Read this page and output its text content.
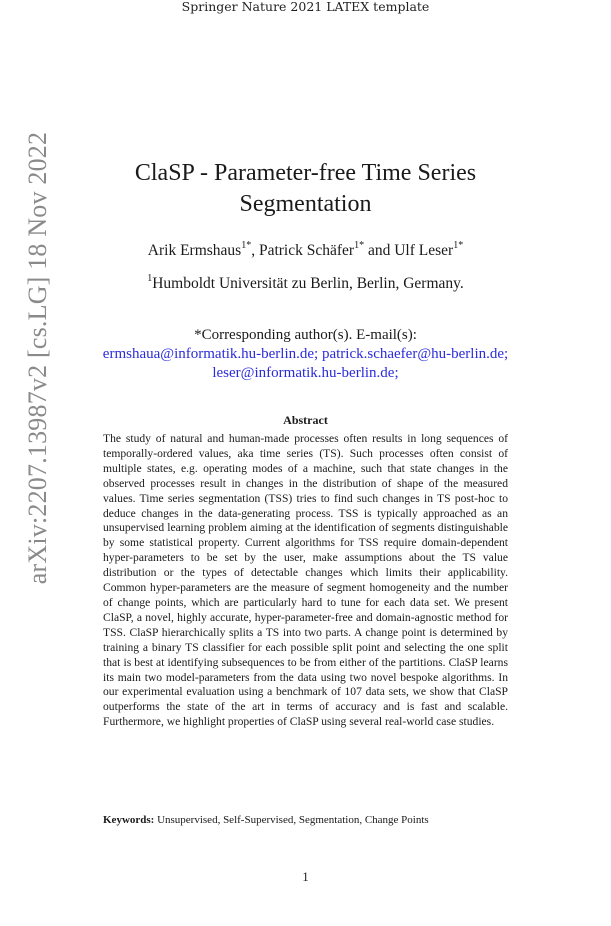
Springer Nature 2021 LATEX template
arXiv:2207.13987v2 [cs.LG] 18 Nov 2022	ClaSP - Parameter-free Time Series
Segmentation
Arik Ermshaus$^{1*}$, Patrick Schäfer$^{1*}$ and Ulf Leser$^{1*}$
$^1$Humboldt Universität zu Berlin, Berlin, Germany.
*Corresponding author(s). E-mail(s):
ermshaua@informatik.hu-berlin.de; patrick.schaefer@hu-berlin.de;
leser@informatik.hu-berlin.de;
Abstract
The study of natural and human-made processes often results in long sequences of temporally-ordered values, aka time series (TS). Such processes often consist of multiple states, e.g. operating modes of a machine, such that state changes in the observed processes result in changes in the distribution of shape of the measured values. Time series segmentation (TSS) tries to find such changes in TS post-hoc to deduce changes in the data-generating process. TSS is typically approached as an unsupervised learning problem aiming at the identification of segments distinguishable by some statistical property. Current algorithms for TSS require domain-dependent hyper-parameters to be set by the user, make assumptions about the TS value distribution or the types of detectable changes which limits their applicability. Common hyper-parameters are the measure of segment homogeneity and the number of change points, which are particularly hard to tune for each data set. We present ClaSP, a novel, highly accurate, hyper-parameter-free and domain-agnostic method for TSS. ClaSP hierarchically splits a TS into two parts. A change point is determined by training a binary TS classifier for each possible split point and selecting the one split that is best at identifying subsequences to be from either of the partitions. ClaSP learns its main two model-parameters from the data using two novel bespoke algorithms. In our experimental evaluation using a benchmark of 107 data sets, we show that ClaSP outperforms the state of the art in terms of accuracy and is fast and scalable. Furthermore, we highlight properties of ClaSP using several real-world case studies.
Keywords: Unsupervised, Self-Supervised, Segmentation, Change Points
1
